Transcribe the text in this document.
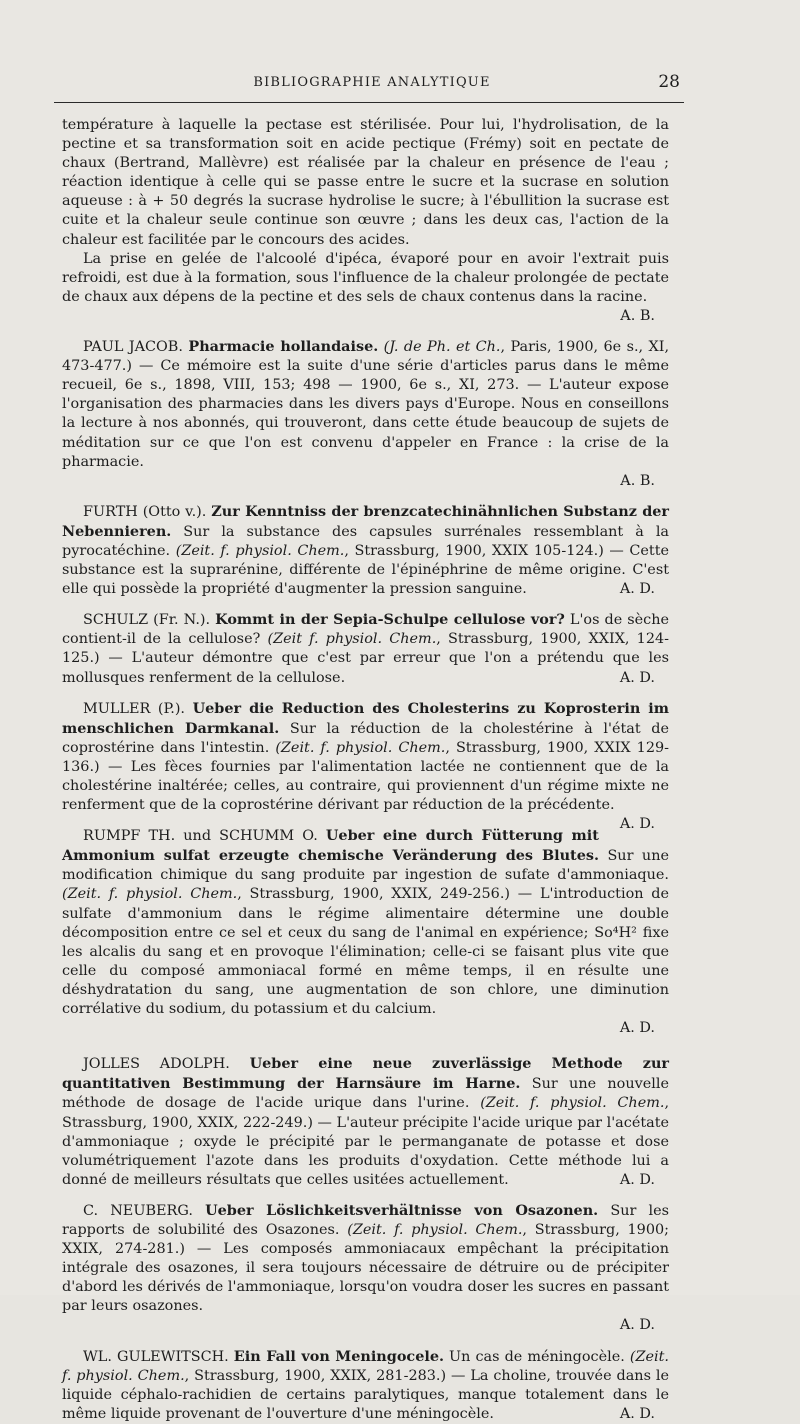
BIBLIOGRAPHIE ANALYTIQUE	28

température à laquelle la pectase est stérilisée. Pour lui, l'hydrolisation, de la pectine et sa transformation soit en acide pectique (Frémy) soit en pectate de chaux (Bertrand, Mallèvre) est réalisée par la chaleur en présence de l'eau ; réaction identique à celle qui se passe entre le sucre et la sucrase en solution aqueuse : à + 50 degrés la sucrase hydrolise le sucre; à l'ébullition la sucrase est cuite et la chaleur seule continue son œuvre ; dans les deux cas, l'action de la chaleur est facilitée par le concours des acides.

La prise en gelée de l'alcoolé d'ipéca, évaporé pour en avoir l'extrait puis refroidi, est due à la formation, sous l'influence de la chaleur prolongée de pectate de chaux aux dépens de la pectine et des sels de chaux contenus dans la racine.

A. B.

PAUL JACOB. Pharmacie hollandaise. (J. de Ph. et Ch., Paris, 1900, 6e s., XI, 473-477.) — Ce mémoire est la suite d'une série d'articles parus dans le même recueil, 6e s., 1898, VIII, 153; 498 — 1900, 6e s., XI, 273. — L'auteur expose l'organisation des pharmacies dans les divers pays d'Europe. Nous en conseillons la lecture à nos abonnés, qui trouveront, dans cette étude beaucoup de sujets de méditation sur ce que l'on est convenu d'appeler en France : la crise de la pharmacie.

A. B.

FURTH (Otto v.). Zur Kenntniss der brenzcatechinähnlichen Substanz der Nebennieren. Sur la substance des capsules surrénales ressemblant à la pyrocatéchine. (Zeit. f. physiol. Chem., Strassburg, 1900, XXIX 105-124.) — Cette substance est la suprarénine, différente de l'épinéphrine de même origine. C'est elle qui possède la propriété d'augmenter la pression sanguine.	A. D.

SCHULZ (Fr. N.). Kommt in der Sepia-Schulpe cellulose vor? L'os de sèche contient-il de la cellulose? (Zeit f. physiol. Chem., Strassburg, 1900, XXIX, 124-125.) — L'auteur démontre que c'est par erreur que l'on a prétendu que les mollusques renferment de la cellulose.	A. D.

MULLER (P.). Ueber die Reduction des Cholesterins zu Koprosterin im menschlichen Darmkanal. Sur la réduction de la cholestérine à l'état de coprostérine dans l'intestin. (Zeit. f. physiol. Chem., Strassburg, 1900, XXIX 129-136.) — Les fèces fournies par l'alimentation lactée ne contiennent que de la cholestérine inaltérée; celles, au contraire, qui proviennent d'un régime mixte ne renferment que de la coprostérine dérivant par réduction de la précédente.
A. D.

RUMPF TH. und SCHUMM O. Ueber eine durch Fütterung mit Ammonium sulfat erzeugte chemische Veränderung des Blutes. Sur une modification chimique du sang produite par ingestion de sufate d'ammoniaque. (Zeit. f. physiol. Chem., Strassburg, 1900, XXIX, 249-256.) — L'introduction de sulfate d'ammonium dans le régime alimentaire détermine une double décomposition entre ce sel et ceux du sang de l'animal en expérience; So⁴H² fixe les alcalis du sang et en provoque l'élimination; celle-ci se faisant plus vite que celle du composé ammoniacal formé en même temps, il en résulte une déshydratation du sang, une augmentation de son chlore, une diminution corrélative du sodium, du potassium et du calcium.

A. D.

JOLLES ADOLPH. Ueber eine neue zuverlässige Methode zur quantitativen Bestimmung der Harnsäure im Harne. Sur une nouvelle méthode de dosage de l'acide urique dans l'urine. (Zeit. f. physiol. Chem., Strassburg, 1900, XXIX, 222-249.) — L'auteur précipite l'acide urique par l'acétate d'ammoniaque ; oxyde le précipité par le permanganate de potasse et dose volumétriquement l'azote dans les produits d'oxydation. Cette méthode lui a donné de meilleurs résultats que celles usitées actuellement.	A. D.

C. NEUBERG. Ueber Löslichkeitsverhältnisse von Osazonen. Sur les rapports de solubilité des Osazones. (Zeit. f. physiol. Chem., Strassburg, 1900; XXIX, 274-281.) — Les composés ammoniacaux empêchant la précipitation intégrale des osazones, il sera toujours nécessaire de détruire ou de précipiter d'abord les dérivés de l'ammoniaque, lorsqu'on voudra doser les sucres en passant par leurs osazones.

A. D.

WL. GULEWITSCH. Ein Fall von Meningocele. Un cas de méningocèle. (Zeit. f. physiol. Chem., Strassburg, 1900, XXIX, 281-283.) — La choline, trouvée dans le liquide céphalo-rachidien de certains paralytiques, manque totalement dans le même liquide provenant de l'ouverture d'une méningocèle.	A. D.
